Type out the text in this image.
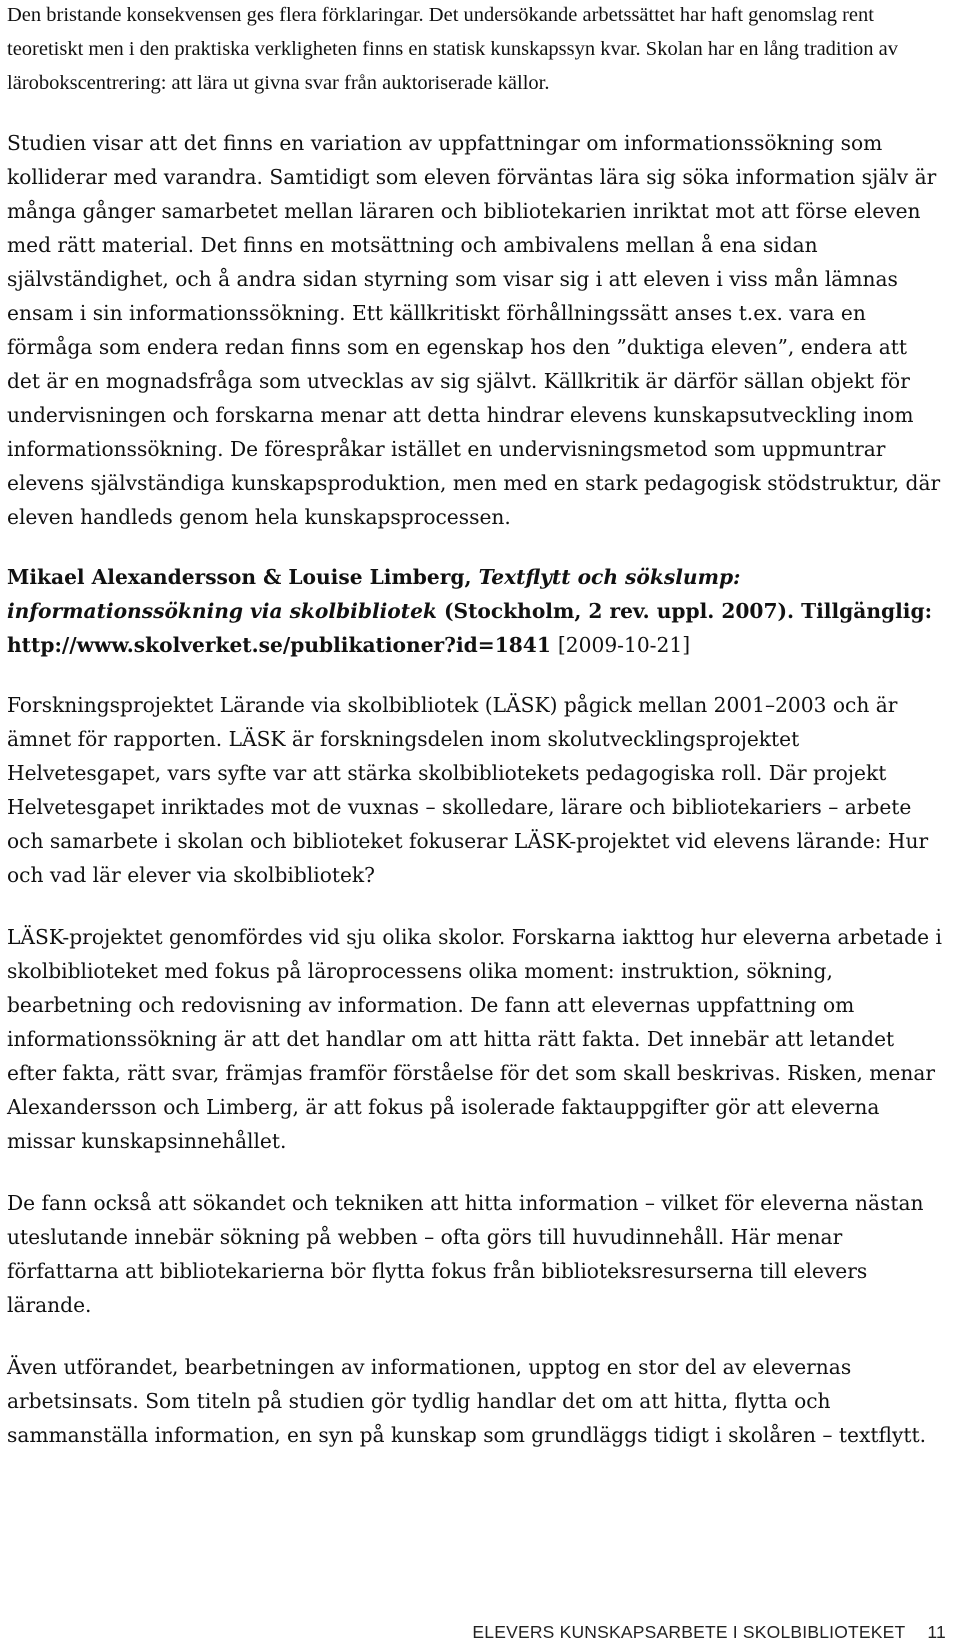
Den bristande konsekvensen ges flera förklaringar. Det undersökande arbetssättet har haft genomslag rent teoretiskt men i den praktiska verkligheten finns en statisk kunskapssyn kvar. Skolan har en lång tradition av lärobokscentrering: att lära ut givna svar från auktoriserade källor.

Studien visar att det finns en variation av uppfattningar om informationssökning som kolliderar med varandra. Samtidigt som eleven förväntas lära sig söka information själv är många gånger samarbetet mellan läraren och bibliotekarien inriktat mot att förse eleven med rätt material. Det finns en motsättning och ambivalens mellan å ena sidan självständighet, och å andra sidan styrning som visar sig i att eleven i viss mån lämnas ensam i sin informationssökning. Ett källkritiskt förhållningssätt anses t.ex. vara en förmåga som endera redan finns som en egenskap hos den ”duktiga eleven”, endera att det är en mognadsfråga som utvecklas av sig självt. Källkritik är därför sällan objekt för undervisningen och forskarna menar att detta hindrar elevens kunskapsutveckling inom informationssökning. De förespråkar istället en undervisningsmetod som uppmuntrar elevens självständiga kunskapsproduktion, men med en stark pedagogisk stödstruktur, där eleven handleds genom hela kunskapsprocessen.

Mikael Alexandersson & Louise Limberg, Textflytt och sökslump: informationssökning via skolbibliotek (Stockholm, 2 rev. uppl. 2007). Tillgänglig: http://www.skolverket.se/publikationer?id=1841 [2009-10-21]

Forskningsprojektet Lärande via skolbibliotek (LÄSK) pågick mellan 2001–2003 och är ämnet för rapporten. LÄSK är forskningsdelen inom skolutvecklingsprojektet Helvetesgapet, vars syfte var att stärka skolbibliotekets pedagogiska roll. Där projekt Helvetesgapet inriktades mot de vuxnas – skolledare, lärare och bibliotekariers – arbete och samarbete i skolan och biblioteket fokuserar LÄSK-projektet vid elevens lärande: Hur och vad lär elever via skolbibliotek?

LÄSK-projektet genomfördes vid sju olika skolor. Forskarna iakttog hur eleverna arbetade i skolbiblioteket med fokus på läroprocessens olika moment: instruktion, sökning, bearbetning och redovisning av information. De fann att elevernas uppfattning om informationssökning är att det handlar om att hitta rätt fakta. Det innebär att letandet efter fakta, rätt svar, främjas framför förståelse för det som skall beskrivas. Risken, menar Alexandersson och Limberg, är att fokus på isolerade faktauppgifter gör att eleverna missar kunskapsinnehållet.

De fann också att sökandet och tekniken att hitta information – vilket för eleverna nästan uteslutande innebär sökning på webben – ofta görs till huvudinnehåll. Här menar författarna att bibliotekarierna bör flytta fokus från biblioteksresurserna till elevers lärande.

Även utförandet, bearbetningen av informationen, upptog en stor del av elevernas arbetsinsats. Som titeln på studien gör tydlig handlar det om att hitta, flytta och sammanställa information, en syn på kunskap som grundläggs tidigt i skolåren – textflytt.

ELEVERS KUNSKAPSARBETE I SKOLBIBLIOTEKET 11
